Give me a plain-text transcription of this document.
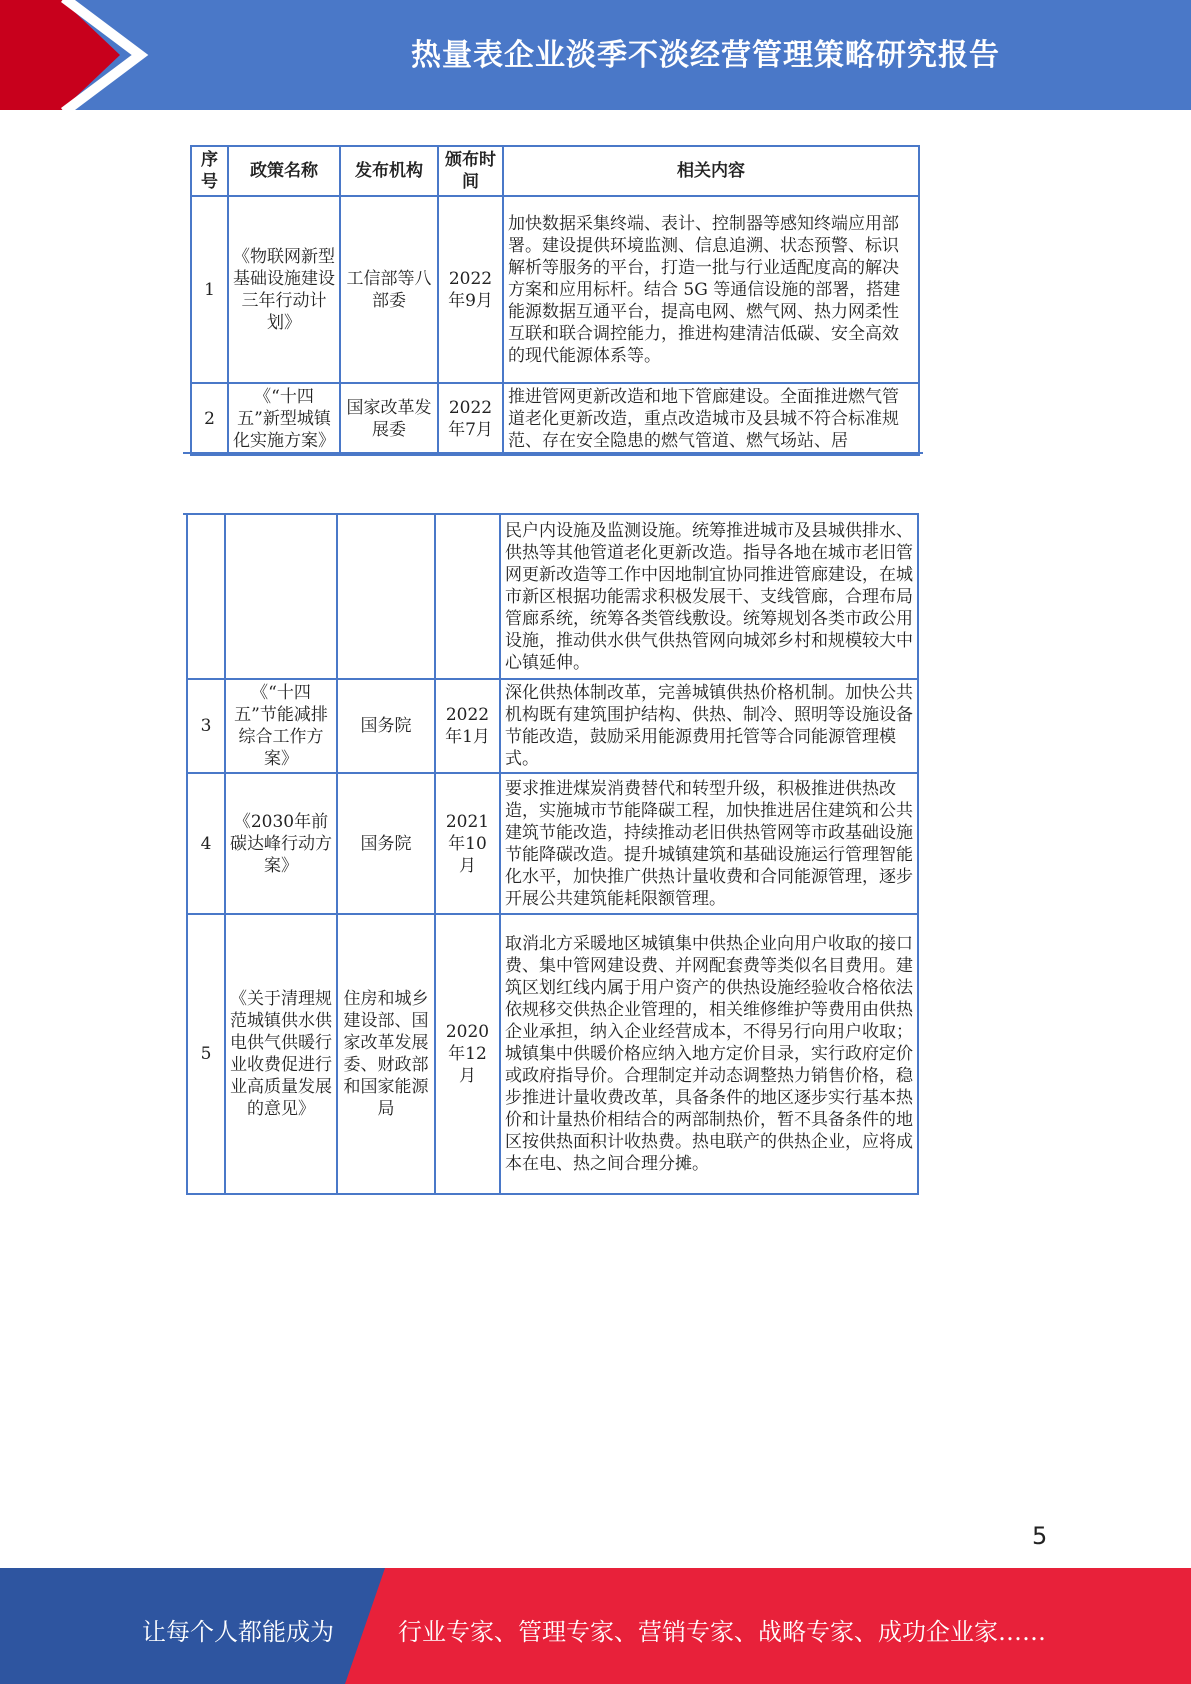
热量表企业淡季不淡经营管理策略研究报告
序号	政策名称	发布机构	颁布时间	相关内容
1	《物联网新型基础设施建设三年行动计划》	工信部等八部委	2022年9月	加快数据采集终端、表计、控制器等感知终端应用部署。建设提供环境监测、信息追溯、状态预警、标识解析等服务的平台，打造一批与行业适配度高的解决方案和应用标杆。结合 5G 等通信设施的部署，搭建能源数据互通平台，提高电网、燃气网、热力网柔性互联和联合调控能力，推进构建清洁低碳、安全高效的现代能源体系等。
2	《“十四五”新型城镇化实施方案》	国家改革发展委	2022年7月	推进管网更新改造和地下管廊建设。全面推进燃气管道老化更新改造，重点改造城市及县城不符合标准规范、存在安全隐患的燃气管道、燃气场站、居
				民户内设施及监测设施。统筹推进城市及县城供排水、供热等其他管道老化更新改造。指导各地在城市老旧管网更新改造等工作中因地制宜协同推进管廊建设，在城市新区根据功能需求积极发展干、支线管廊，合理布局管廊系统，统筹各类管线敷设。统筹规划各类市政公用设施，推动供水供气供热管网向城郊乡村和规模较大中心镇延伸。
3	《“十四五”节能减排综合工作方案》	国务院	2022年1月	深化供热体制改革，完善城镇供热价格机制。加快公共机构既有建筑围护结构、供热、制冷、照明等设施设备节能改造，鼓励采用能源费用托管等合同能源管理模式。
4	《2030年前碳达峰行动方案》	国务院	2021年10月	要求推进煤炭消费替代和转型升级，积极推进供热改造，实施城市节能降碳工程，加快推进居住建筑和公共建筑节能改造，持续推动老旧供热管网等市政基础设施节能降碳改造。提升城镇建筑和基础设施运行管理智能化水平，加快推广供热计量收费和合同能源管理，逐步开展公共建筑能耗限额管理。
5	《关于清理规范城镇供水供电供气供暖行业收费促进行业高质量发展的意见》	住房和城乡建设部、国家改革发展委、财政部和国家能源局	2020年12月	取消北方采暖地区城镇集中供热企业向用户收取的接口费、集中管网建设费、并网配套费等类似名目费用。建筑区划红线内属于用户资产的供热设施经验收合格依法依规移交供热企业管理的，相关维修维护等费用由供热企业承担，纳入企业经营成本，不得另行向用户收取；城镇集中供暖价格应纳入地方定价目录，实行政府定价或政府指导价。合理制定并动态调整热力销售价格，稳步推进计量收费改革，具备条件的地区逐步实行基本热价和计量热价相结合的两部制热价，暂不具备条件的地区按供热面积计收热费。热电联产的供热企业，应将成本在电、热之间合理分摊。
5
让每个人都能成为	行业专家、管理专家、营销专家、战略专家、成功企业家……
